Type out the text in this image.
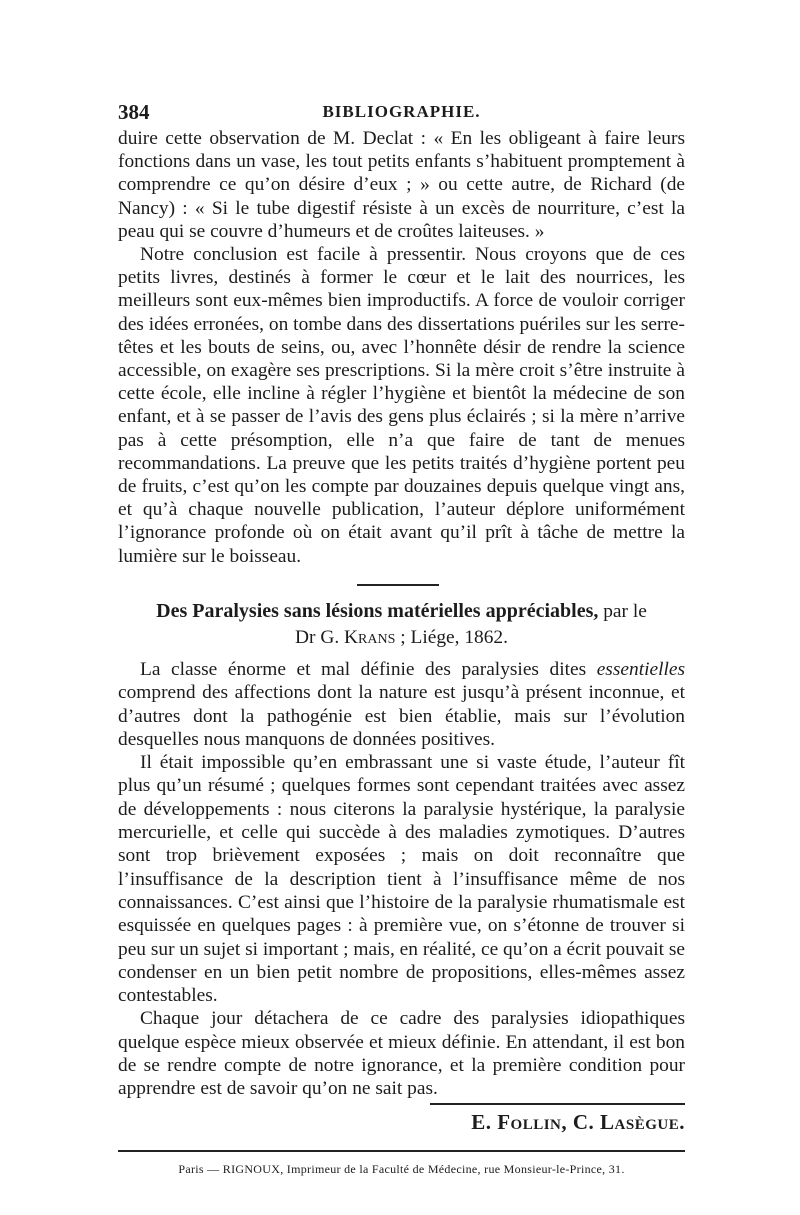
384	BIBLIOGRAPHIE.

duire cette observation de M. Declat : « En les obligeant à faire leurs fonctions dans un vase, les tout petits enfants s’habituent promptement à comprendre ce qu’on désire d’eux ; » ou cette autre, de Richard (de Nancy) : « Si le tube digestif résiste à un excès de nourriture, c’est la peau qui se couvre d’humeurs et de croûtes laiteuses. »

Notre conclusion est facile à pressentir. Nous croyons que de ces petits livres, destinés à former le cœur et le lait des nourrices, les meilleurs sont eux-mêmes bien improductifs. A force de vouloir corriger des idées erronées, on tombe dans des dissertations puériles sur les serre-têtes et les bouts de seins, ou, avec l’honnête désir de rendre la science accessible, on exagère ses prescriptions. Si la mère croit s’être instruite à cette école, elle incline à régler l’hygiène et bientôt la médecine de son enfant, et à se passer de l’avis des gens plus éclairés ; si la mère n’arrive pas à cette présomption, elle n’a que faire de tant de menues recommandations. La preuve que les petits traités d’hygiène portent peu de fruits, c’est qu’on les compte par douzaines depuis quelque vingt ans, et qu’à chaque nouvelle publication, l’auteur déplore uniformément l’ignorance profonde où on était avant qu’il prît à tâche de mettre la lumière sur le boisseau.

Des Paralysies sans lésions matérielles appréciables, par le
Dr G. Krans ; Liége, 1862.

La classe énorme et mal définie des paralysies dites essentielles comprend des affections dont la nature est jusqu’à présent inconnue, et d’autres dont la pathogénie est bien établie, mais sur l’évolution desquelles nous manquons de données positives.

Il était impossible qu’en embrassant une si vaste étude, l’auteur fît plus qu’un résumé ; quelques formes sont cependant traitées avec assez de développements : nous citerons la paralysie hystérique, la paralysie mercurielle, et celle qui succède à des maladies zymotiques. D’autres sont trop brièvement exposées ; mais on doit reconnaître que l’insuffisance de la description tient à l’insuffisance même de nos connaissances. C’est ainsi que l’histoire de la paralysie rhumatismale est esquissée en quelques pages : à première vue, on s’étonne de trouver si peu sur un sujet si important ; mais, en réalité, ce qu’on a écrit pouvait se condenser en un bien petit nombre de propositions, elles-mêmes assez contestables.

Chaque jour détachera de ce cadre des paralysies idiopathiques quelque espèce mieux observée et mieux définie. En attendant, il est bon de se rendre compte de notre ignorance, et la première condition pour apprendre est de savoir qu’on ne sait pas.

E. Follin, C. Lasègue.
Paris — RIGNOUX, Imprimeur de la Faculté de Médecine, rue Monsieur-le-Prince, 31.
